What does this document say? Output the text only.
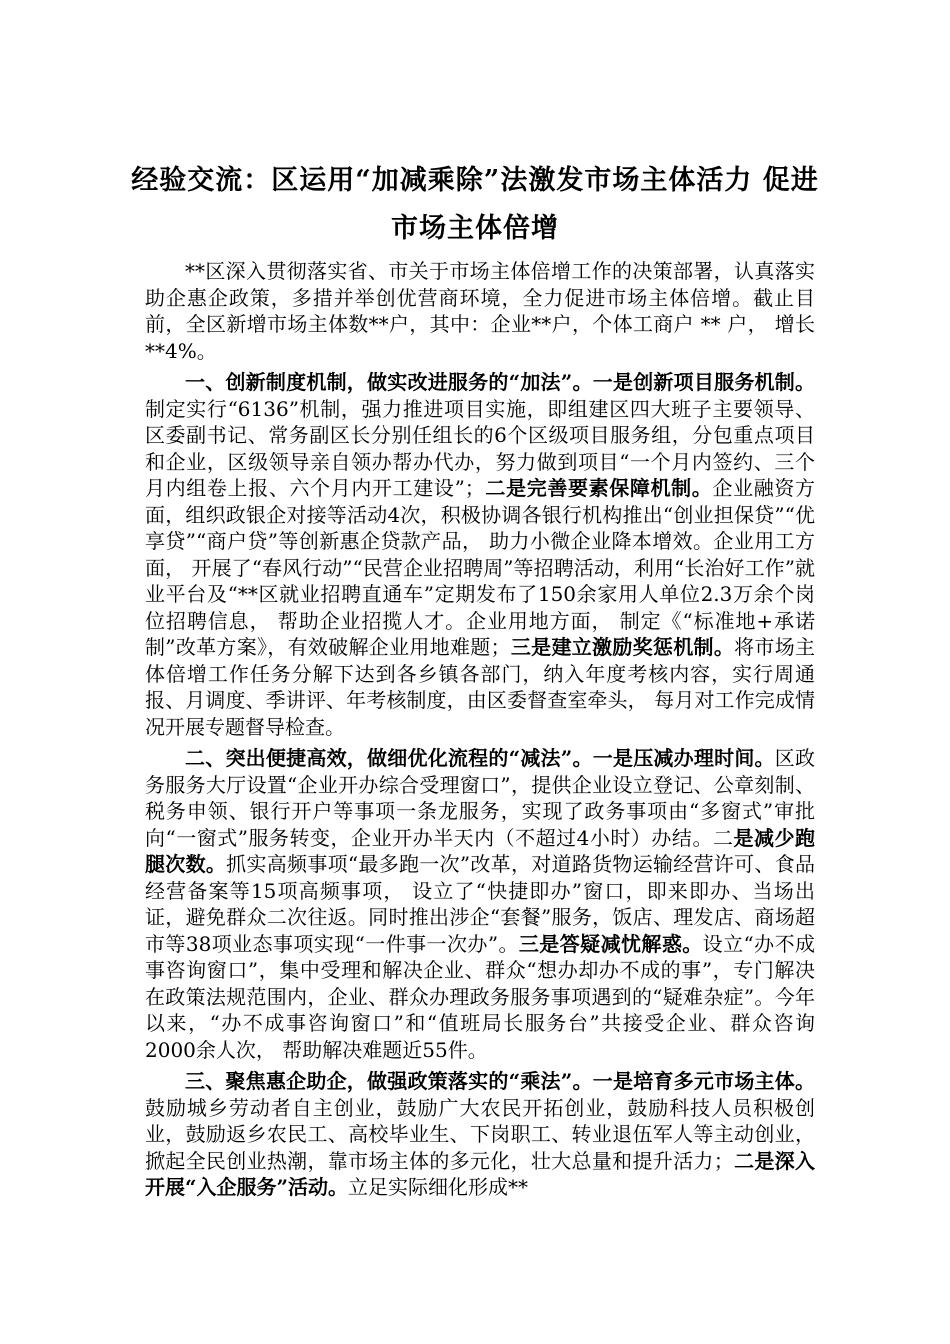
经验交流：区运用“加减乘除”法激发市场主体活力 促进
市场主体倍增

**区深入贯彻落实省、市关于市场主体倍增工作的决策部署，认真落实助企惠企政策，多措并举创优营商环境，全力促进市场主体倍增。截止目前，全区新增市场主体数**户，其中：企业**户，个体工商户 ** 户， 增长**4%。

一、创新制度机制，做实改进服务的“加法”。一是创新项目服务机制。制定实行“6136”机制，强力推进项目实施，即组建区四大班子主要领导、区委副书记、常务副区长分别任组长的6个区级项目服务组，分包重点项目和企业，区级领导亲自领办帮办代办，努力做到项目“一个月内签约、三个月内组卷上报、六个月内开工建设”；二是完善要素保障机制。企业融资方面，组织政银企对接等活动4次，积极协调各银行机构推出“创业担保贷”“优享贷”“商户贷”等创新惠企贷款产品， 助力小微企业降本增效。企业用工方面， 开展了“春风行动”“民营企业招聘周”等招聘活动，利用“长治好工作”就业平台及“**区就业招聘直通车”定期发布了150余家用人单位2.3万余个岗位招聘信息， 帮助企业招揽人才。企业用地方面， 制定《“标准地+承诺制”改革方案》，有效破解企业用地难题；三是建立激励奖惩机制。将市场主体倍增工作任务分解下达到各乡镇各部门，纳入年度考核内容，实行周通报、月调度、季讲评、年考核制度，由区委督查室牵头， 每月对工作完成情况开展专题督导检查。

二、突出便捷高效，做细优化流程的“减法”。一是压减办理时间。区政务服务大厅设置“企业开办综合受理窗口”，提供企业设立登记、公章刻制、税务申领、银行开户等事项一条龙服务，实现了政务事项由“多窗式”审批向“一窗式”服务转变，企业开办半天内（不超过4小时）办结。二是减少跑腿次数。抓实高频事项“最多跑一次”改革，对道路货物运输经营许可、食品经营备案等15项高频事项， 设立了“快捷即办”窗口，即来即办、当场出证，避免群众二次往返。同时推出涉企“套餐”服务，饭店、理发店、商场超市等38项业态事项实现“一件事一次办”。三是答疑减忧解惑。设立“办不成事咨询窗口”，集中受理和解决企业、群众“想办却办不成的事”，专门解决在政策法规范围内，企业、群众办理政务服务事项遇到的“疑难杂症”。今年以来，“办不成事咨询窗口”和“值班局长服务台”共接受企业、群众咨询2000余人次， 帮助解决难题近55件。

三、聚焦惠企助企，做强政策落实的“乘法”。一是培育多元市场主体。鼓励城乡劳动者自主创业，鼓励广大农民开拓创业，鼓励科技人员积极创业，鼓励返乡农民工、高校毕业生、下岗职工、转业退伍军人等主动创业，掀起全民创业热潮，靠市场主体的多元化，壮大总量和提升活力；二是深入开展“入企服务”活动。立足实际细化形成**
